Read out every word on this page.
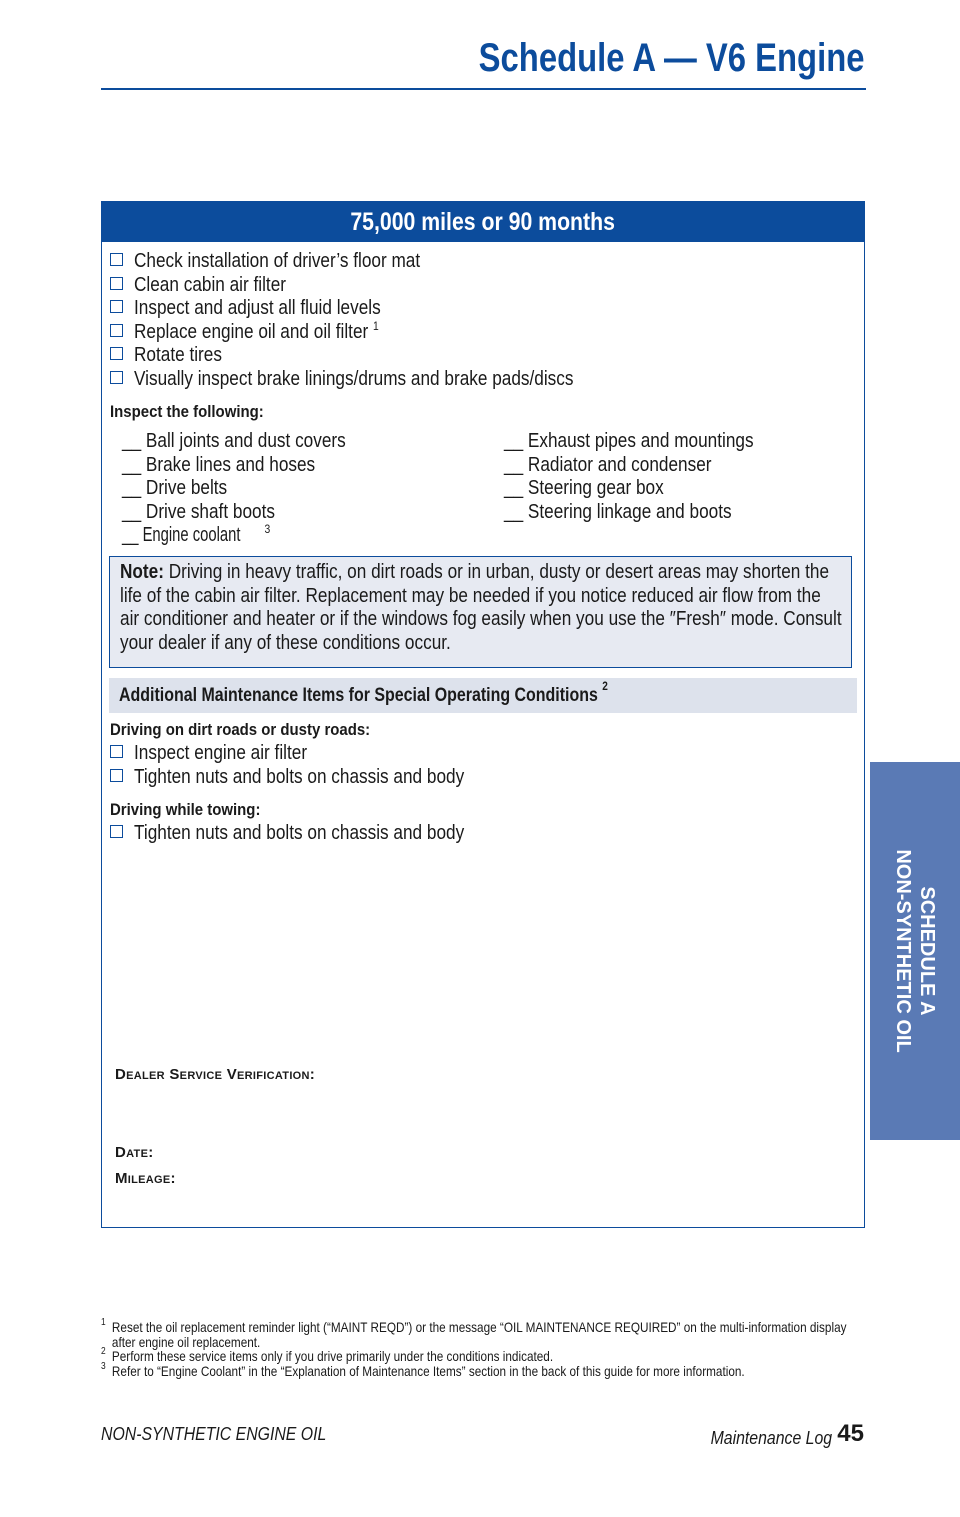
Schedule A — V6 Engine
75,000 miles or 90 months
Check installation of driver’s floor mat
Clean cabin air filter
Inspect and adjust all fluid levels
Replace engine oil and oil filter $^1$
Rotate tires
Visually inspect brake linings/drums and brake pads/discs
Inspect the following:
__ Ball joints and dust covers
__ Brake lines and hoses
__ Drive belts
__ Drive shaft boots
__ Engine coolant $^3$
__ Exhaust pipes and mountings
__ Radiator and condenser
__ Steering gear box
__ Steering linkage and boots
Note: Driving in heavy traffic, on dirt roads or in urban, dusty or desert areas may shorten the life of the cabin air filter. Replacement may be needed if you notice reduced air flow from the air conditioner and heater or if the windows fog easily when you use the ″Fresh″ mode. Consult your dealer if any of these conditions occur.
Additional Maintenance Items for Special Operating Conditions $^2$
Driving on dirt roads or dusty roads:
Inspect engine air filter
Tighten nuts and bolts on chassis and body
Driving while towing:
Tighten nuts and bolts on chassis and body
Dealer Service Verification:
Date:
Mileage:
1 Reset the oil replacement reminder light (“MAINT REQD”) or the message “OIL MAINTENANCE REQUIRED” on the multi-information display after engine oil replacement.
2 Perform these service items only if you drive primarily under the conditions indicated.
3 Refer to “Engine Coolant” in the “Explanation of Maintenance Items” section in the back of this guide for more information.
NON-SYNTHETIC ENGINE OIL	Maintenance Log 45
SCHEDULE A
NON-SYNTHETIC OIL
